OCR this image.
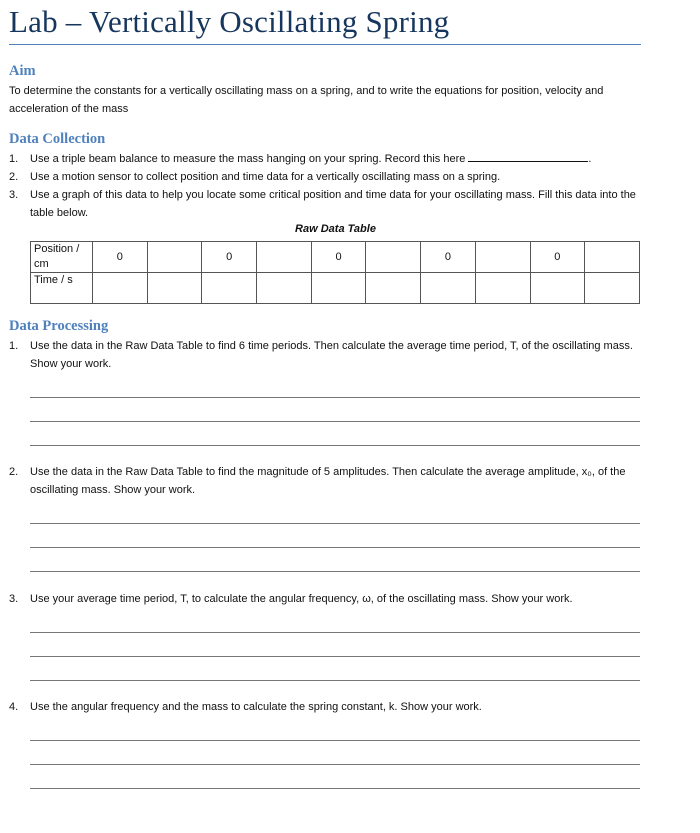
Lab – Vertically Oscillating Spring
Aim

To determine the constants for a vertically oscillating mass on a spring, and to write the equations for position, velocity and acceleration of the mass

Data Collection
1. Use a triple beam balance to measure the mass hanging on your spring. Record this here	.
2. Use a motion sensor to collect position and time data for a vertically oscillating mass on a spring.
3. Use a graph of this data to help you locate some critical position and time data for your oscillating mass. Fill this data into the table below.
Raw Data Table
Position / cm	0		0		0		0		0	
Time / s										
Data Processing
1. Use the data in the Raw Data Table to find 6 time periods. Then calculate the average time period, T, of the oscillating mass. Show your work.
2. Use the data in the Raw Data Table to find the magnitude of 5 amplitudes. Then calculate the average amplitude, x₀, of the oscillating mass. Show your work.
3. Use your average time period, T, to calculate the angular frequency, ω, of the oscillating mass. Show your work.
4. Use the angular frequency and the mass to calculate the spring constant, k. Show your work.
